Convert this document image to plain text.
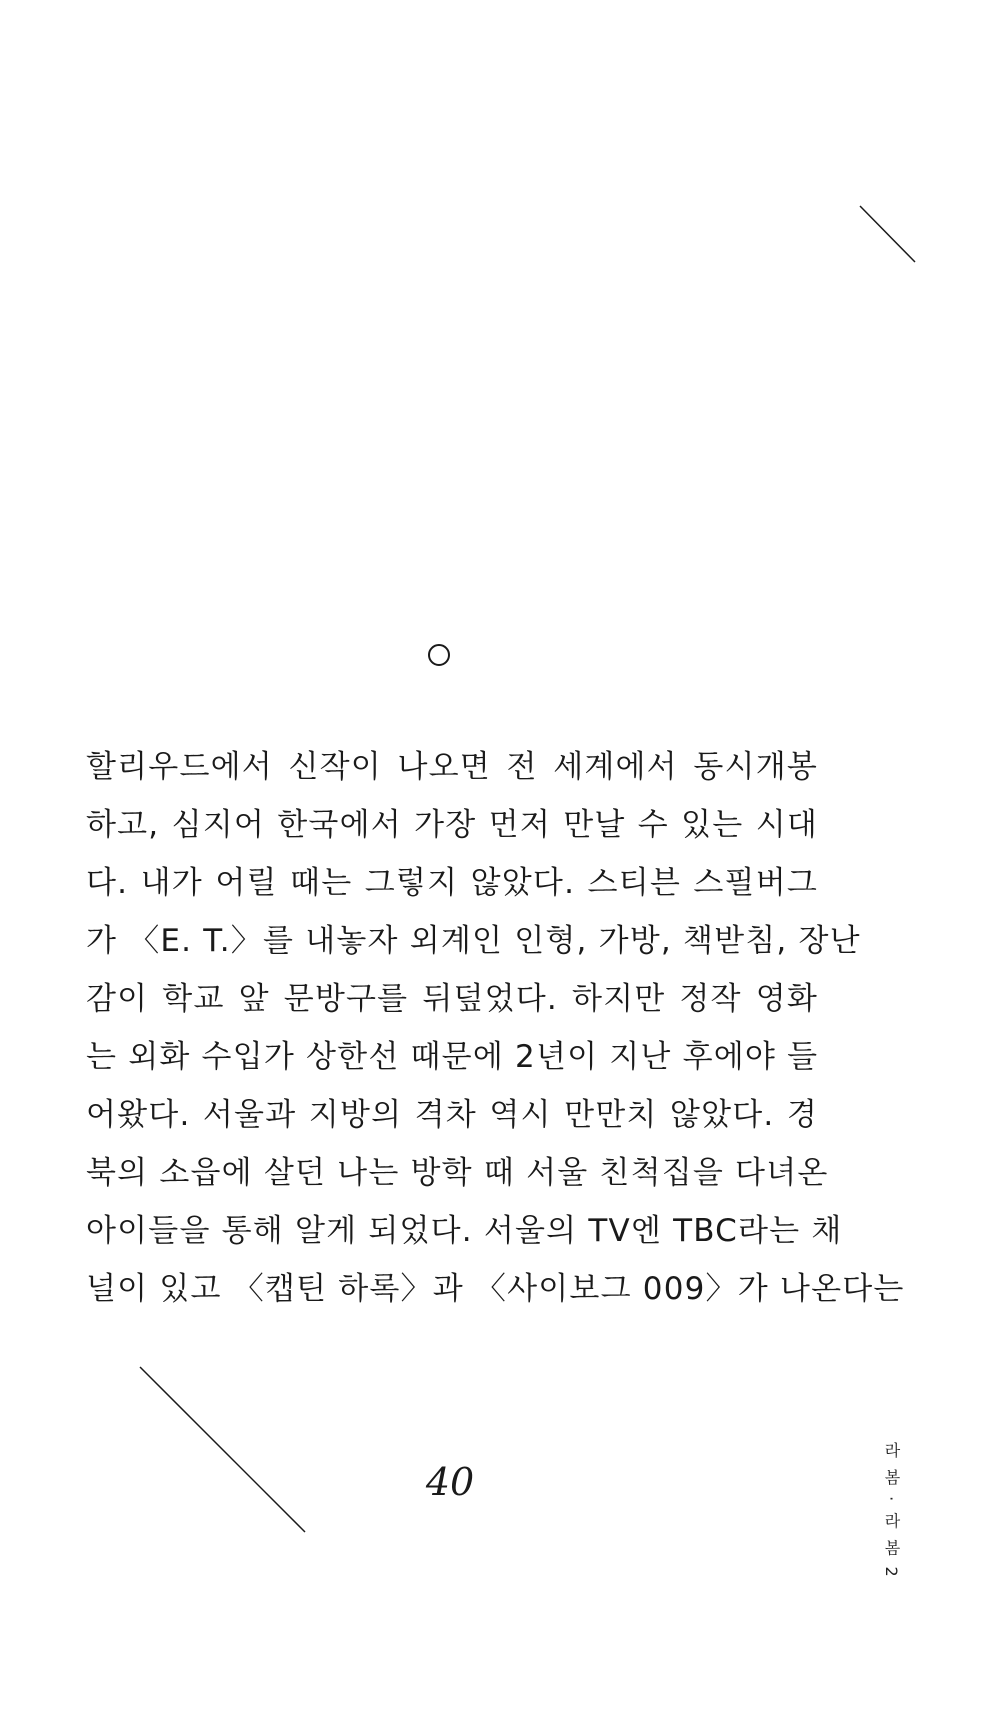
할리우드에서 신작이 나오면 전 세계에서 동시개봉
하고, 심지어 한국에서 가장 먼저 만날 수 있는 시대
다. 내가 어릴 때는 그렇지 않았다. 스티븐 스필버그
가 〈E. T.〉를 내놓자 외계인 인형, 가방, 책받침, 장난
감이 학교 앞 문방구를 뒤덮었다. 하지만 정작 영화
는 외화 수입가 상한선 때문에 2년이 지난 후에야 들
어왔다. 서울과 지방의 격차 역시 만만치 않았다. 경
북의 소읍에 살던 나는 방학 때 서울 친척집을 다녀온
아이들을 통해 알게 되었다. 서울의 TV엔 TBC라는 채
널이 있고 〈캡틴 하록〉과 〈사이보그 009〉가 나온다는
40	라 봄 · 라 봄 2
